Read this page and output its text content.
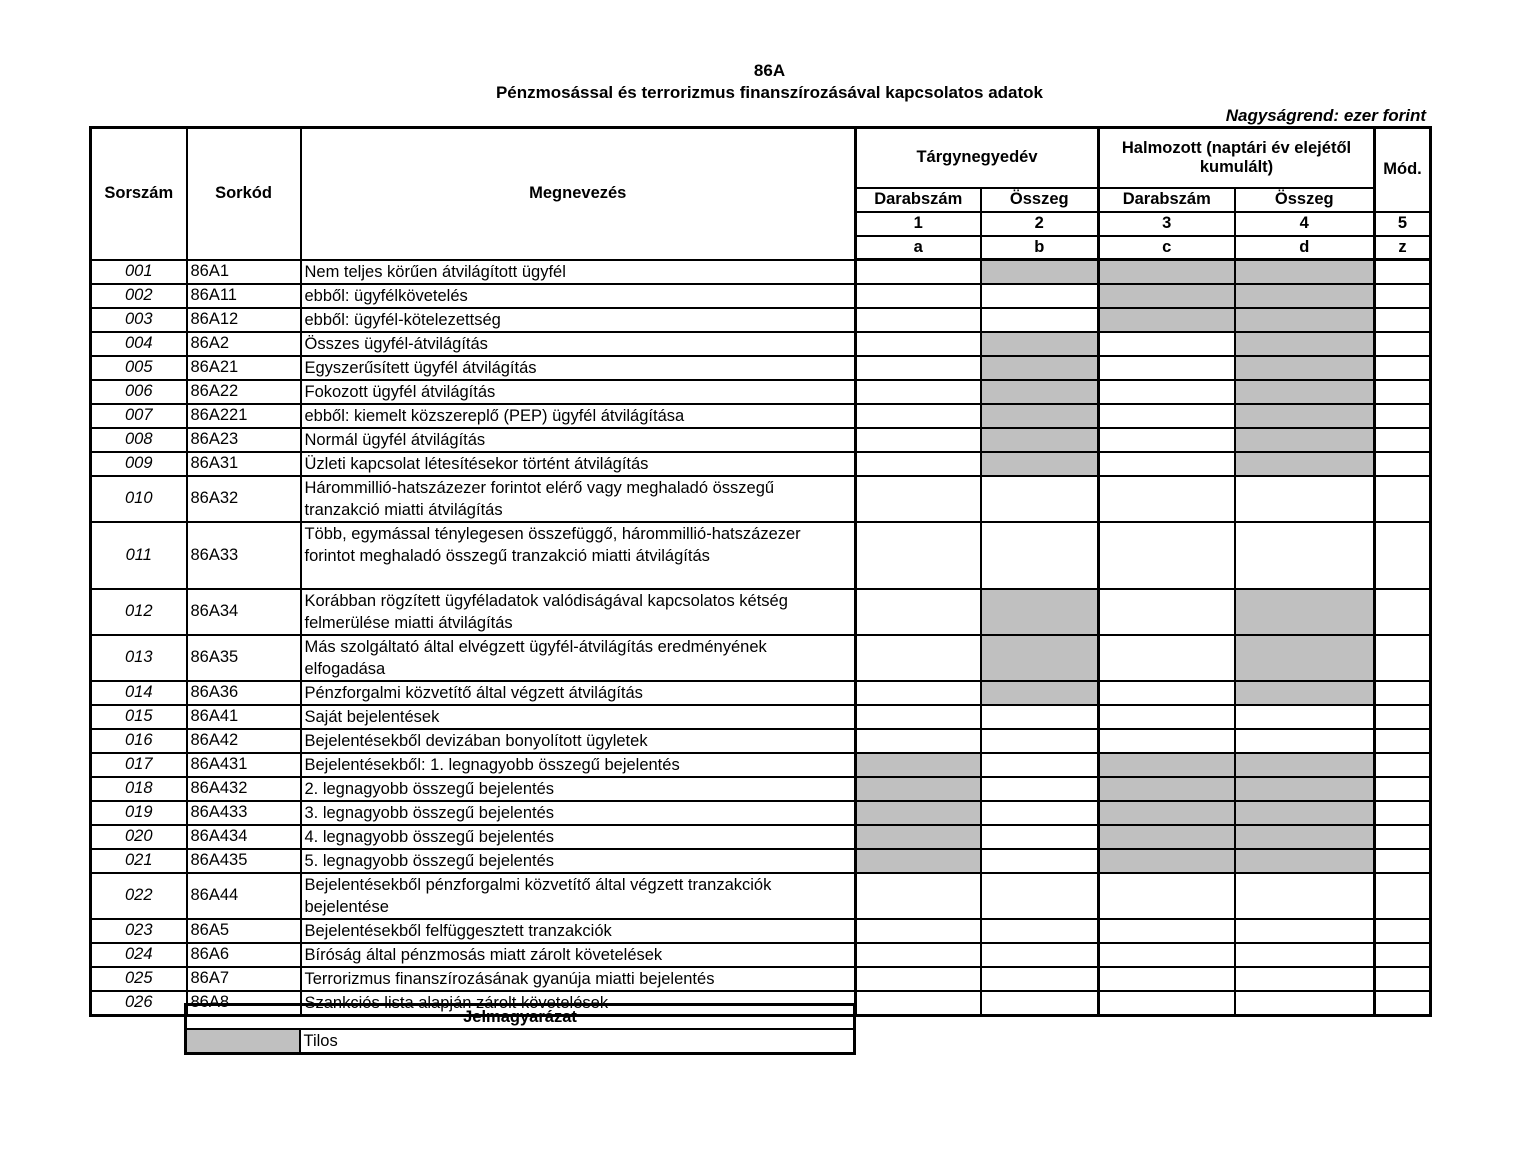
86A
Pénzmosással és terrorizmus finanszírozásával kapcsolatos adatok
Nagyságrend: ezer forint
Sorszám	Sorkód	Megnevezés	Tárgynegyedév		Halmozott (naptári év elejétől kumulált)		Mód.
			Darabszám	Összeg	Darabszám	Összeg	
			1	2	3	4	5
			a	b	c	d	z
001	86A1	Nem teljes körűen átvilágított ügyfél					
002	86A11	ebből: ügyfélkövetelés					
003	86A12	ebből: ügyfél-kötelezettség					
004	86A2	Összes ügyfél-átvilágítás					
005	86A21	Egyszerűsített ügyfél átvilágítás					
006	86A22	Fokozott ügyfél átvilágítás					
007	86A221	ebből: kiemelt közszereplő (PEP) ügyfél átvilágítása					
008	86A23	Normál ügyfél átvilágítás					
009	86A31	Üzleti kapcsolat létesítésekor történt átvilágítás					
010	86A32	Hárommillió-hatszázezer forintot elérő vagy meghaladó összegű tranzakció miatti átvilágítás					
011	86A33	Több, egymással ténylegesen összefüggő, hárommillió-hatszázezer forintot meghaladó összegű tranzakció miatti átvilágítás					
012	86A34	Korábban rögzített ügyféladatok valódiságával kapcsolatos kétség felmerülése miatti átvilágítás					
013	86A35	Más szolgáltató által elvégzett ügyfél-átvilágítás eredményének elfogadása					
014	86A36	Pénzforgalmi közvetítő által végzett átvilágítás					
015	86A41	Saját bejelentések					
016	86A42	Bejelentésekből devizában bonyolított ügyletek					
017	86A431	Bejelentésekből: 1. legnagyobb összegű bejelentés					
018	86A432	2. legnagyobb összegű bejelentés					
019	86A433	3. legnagyobb összegű bejelentés					
020	86A434	4. legnagyobb összegű bejelentés					
021	86A435	5. legnagyobb összegű bejelentés					
022	86A44	Bejelentésekből pénzforgalmi közvetítő által végzett tranzakciók bejelentése					
023	86A5	Bejelentésekből felfüggesztett tranzakciók					
024	86A6	Bíróság által pénzmosás miatt zárolt követelések					
025	86A7	Terrorizmus finanszírozásának gyanúja miatti bejelentés					
026	86A8	Szankciós lista alapján zárolt követelések					
Jelmagyarázat
	Tilos
